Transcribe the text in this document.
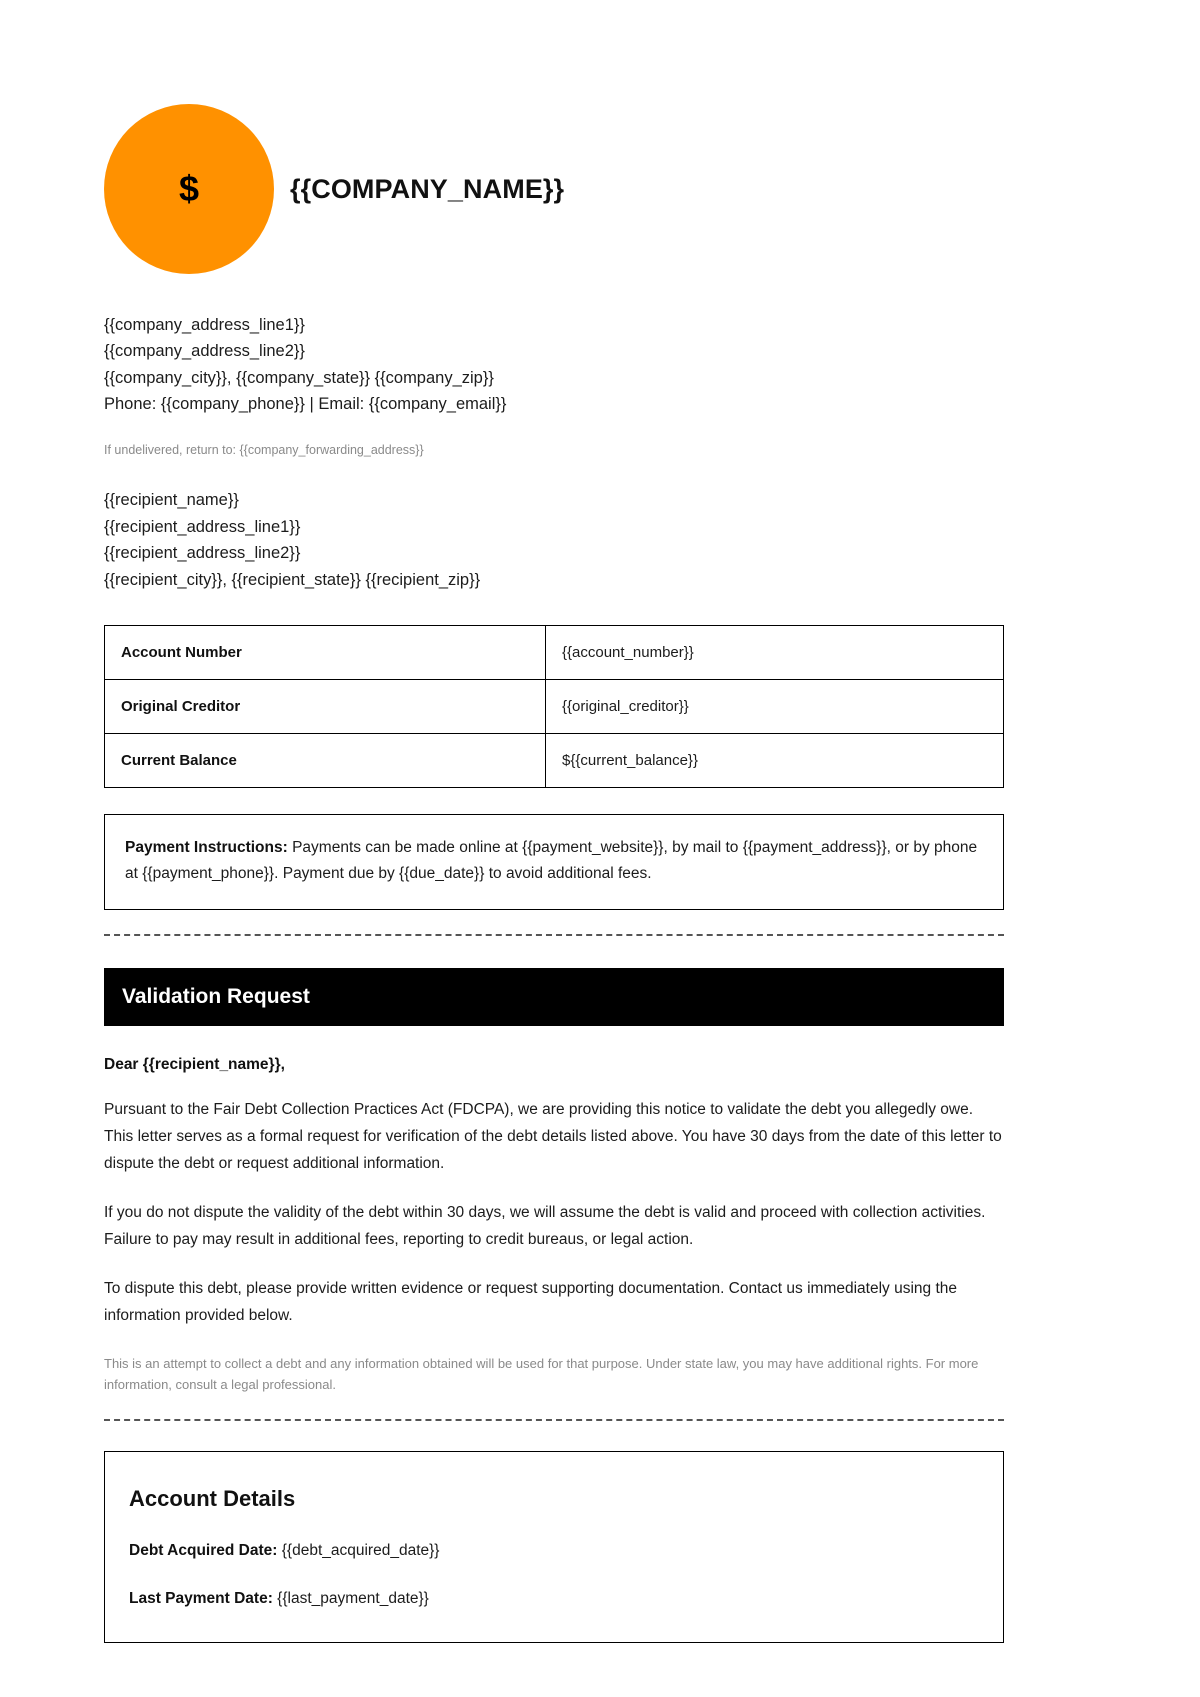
$	{{COMPANY_NAME}}
{{company_address_line1}}
{{company_address_line2}}
{{company_city}}, {{company_state}} {{company_zip}}
Phone: {{company_phone}} | Email: {{company_email}}
If undelivered, return to: {{company_forwarding_address}}
{{recipient_name}}
{{recipient_address_line1}}
{{recipient_address_line2}}
{{recipient_city}}, {{recipient_state}} {{recipient_zip}}
Account Number	{{account_number}}
Original Creditor	{{original_creditor}}
Current Balance	${{current_balance}}
Payment Instructions: Payments can be made online at {{payment_website}}, by mail to {{payment_address}}, or by phone at {{payment_phone}}. Payment due by {{due_date}} to avoid additional fees.
Validation Request
Dear {{recipient_name}},

Pursuant to the Fair Debt Collection Practices Act (FDCPA), we are providing this notice to validate the debt you allegedly owe. This letter serves as a formal request for verification of the debt details listed above. You have 30 days from the date of this letter to dispute the debt or request additional information.

If you do not dispute the validity of the debt within 30 days, we will assume the debt is valid and proceed with collection activities. Failure to pay may result in additional fees, reporting to credit bureaus, or legal action.

To dispute this debt, please provide written evidence or request supporting documentation. Contact us immediately using the information provided below.

This is an attempt to collect a debt and any information obtained will be used for that purpose. Under state law, you may have additional rights. For more information, consult a legal professional.
Account Details
Debt Acquired Date: {{debt_acquired_date}}
Last Payment Date: {{last_payment_date}}
